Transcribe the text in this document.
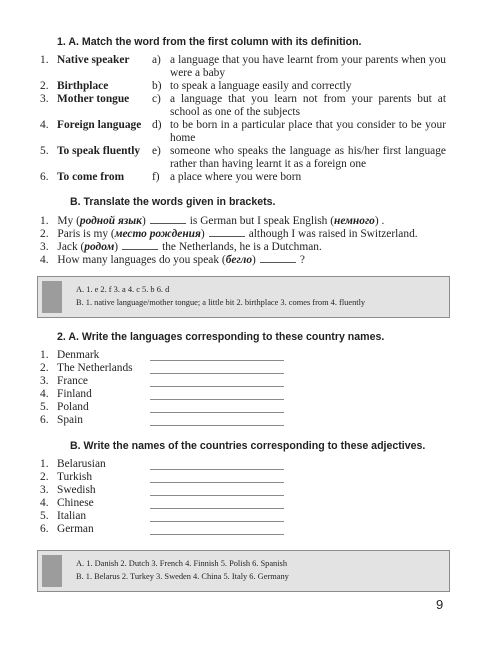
1. A. Match the word from the first column with its definition.
1. Native speaker a) a language that you have learnt from your parents when you were a baby
2. Birthplace	b) to speak a language easily and correctly
3. Mother tongue c) a language that you learn not from your parents but at school as one of the subjects
4. Foreign language d) to be born in a particular place that you consider to be your home
5. To speak fluently e) someone who speaks the language as his/her first language rather than having learnt it as a foreign one
6. To come from f) a place where you were born
B. Translate the words given in brackets.
1. My (родной язык)	is German but I speak English (немного) .
2. Paris is my (место рождения)	although I was raised in Switzerland.
3. Jack (родом)	the Netherlands, he is a Dutchman.
4. How many languages do you speak (бегло)	?
A. 1. e 2. f 3. a 4. c 5. b 6. d
B. 1. native language/mother tongue; a little bit 2. birthplace 3. comes from 4. fluently
2. A. Write the languages corresponding to these country names.
1. Denmark
2. The Netherlands
3. France
4. Finland
5. Poland
6. Spain
B. Write the names of the countries corresponding to these adjectives.
1. Belarusian
2. Turkish
3. Swedish
4. Chinese
5. Italian
6. German
A. 1. Danish 2. Dutch 3. French 4. Finnish 5. Polish 6. Spanish
B. 1. Belarus 2. Turkey 3. Sweden 4. China 5. Italy 6. Germany
9
